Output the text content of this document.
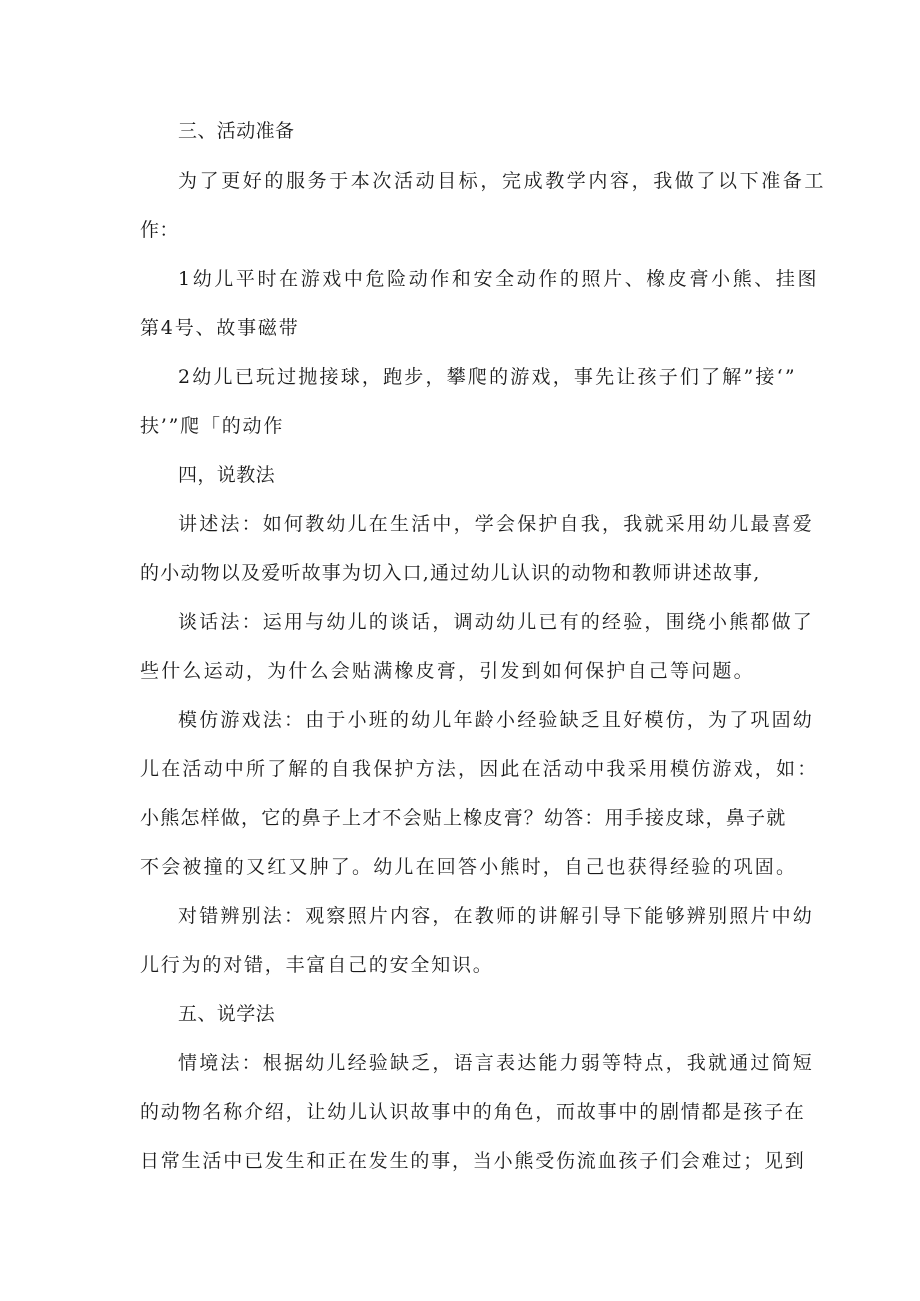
三、活动准备
为了更好的服务于本次活动目标，完成教学内容，我做了以下准备工
作：
1幼儿平时在游戏中危险动作和安全动作的照片、橡皮膏小熊、挂图
第4号、故事磁带
2幼儿已玩过抛接球，跑步，攀爬的游戏，事先让孩子们了解”接‘”
扶’”爬「的动作
四，说教法
讲述法：如何教幼儿在生活中，学会保护自我，我就采用幼儿最喜爱
的小动物以及爱听故事为切入口,通过幼儿认识的动物和教师讲述故事,
谈话法：运用与幼儿的谈话，调动幼儿已有的经验，围绕小熊都做了
些什么运动，为什么会贴满橡皮膏，引发到如何保护自己等问题。
模仿游戏法：由于小班的幼儿年龄小经验缺乏且好模仿，为了巩固幼
儿在活动中所了解的自我保护方法，因此在活动中我采用模仿游戏，如：
小熊怎样做，它的鼻子上才不会贴上橡皮膏？幼答：用手接皮球，鼻子就
不会被撞的又红又肿了。幼儿在回答小熊时，自己也获得经验的巩固。
对错辨别法：观察照片内容，在教师的讲解引导下能够辨别照片中幼
儿行为的对错，丰富自己的安全知识。
五、说学法
情境法：根据幼儿经验缺乏，语言表达能力弱等特点，我就通过简短
的动物名称介绍，让幼儿认识故事中的角色，而故事中的剧情都是孩子在
日常生活中已发生和正在发生的事，当小熊受伤流血孩子们会难过；见到
